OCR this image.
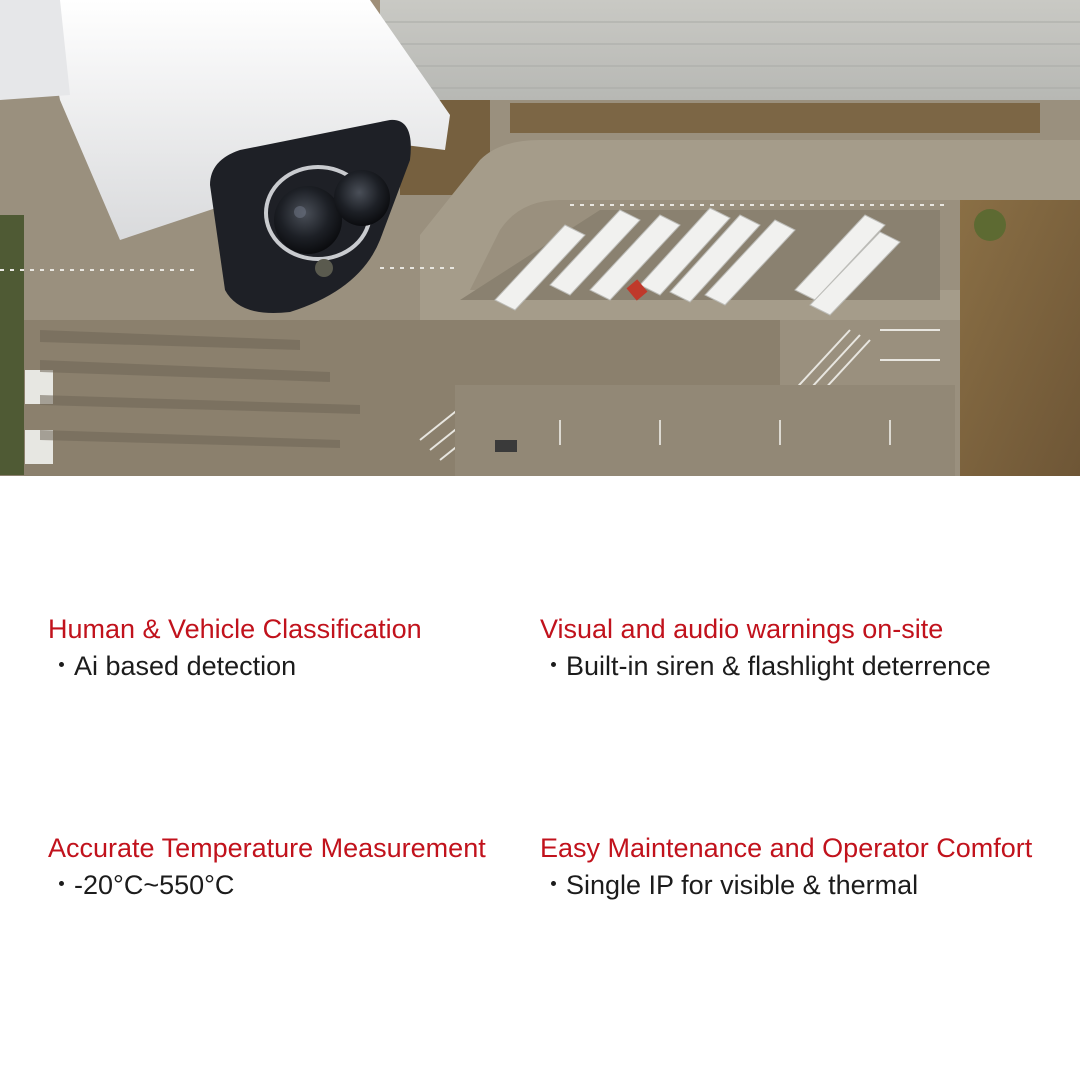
Human & Vehicle Classification
・Ai based detection
Visual and audio warnings on-site
・Built-in siren & flashlight deterrence
Accurate Temperature Measurement
・-20°C~550°C
Easy Maintenance and Operator Comfort
・Single IP for visible & thermal
